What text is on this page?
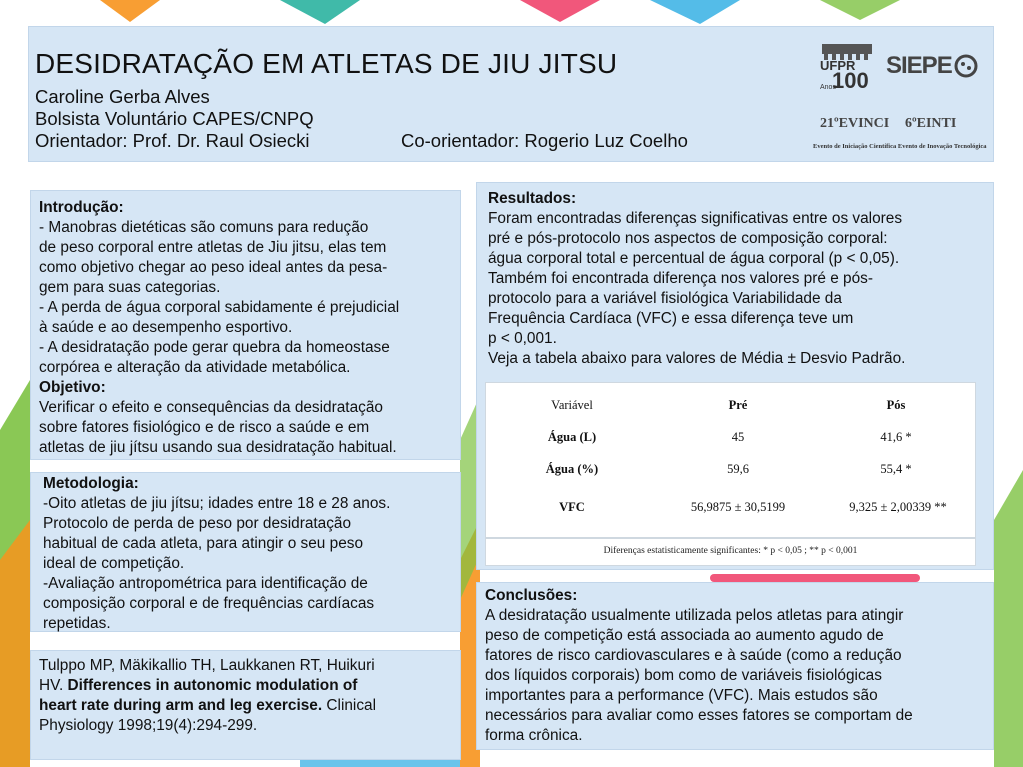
DESIDRATAÇÃO EM ATLETAS DE JIU JITSU
Caroline Gerba Alves
Bolsista Voluntário CAPES/CNPQ
Orientador: Prof. Dr. Raul Osiecki	Co-orientador: Rogerio Luz Coelho
UFPR
100
Anos
SIEPE
21ºEVINCI 6ºEINTI
Evento de Iniciação Científica Evento de Inovação Tecnológica
Introdução:
- Manobras dietéticas são comuns para redução
de peso corporal entre atletas de Jiu jitsu, elas tem
como objetivo chegar ao peso ideal antes da pesa-
gem para suas categorias.
- A perda de água corporal sabidamente é prejudicial
à saúde e ao desempenho esportivo.
- A desidratação pode gerar quebra da homeostase
corpórea e alteração da atividade metabólica.
Objetivo:
Verificar o efeito e consequências da desidratação
sobre fatores fisiológico e de risco a saúde e em
atletas de jiu jítsu usando sua desidratação habitual.
Metodologia:
-Oito atletas de jiu jítsu; idades entre 18 e 28 anos.
Protocolo de perda de peso por desidratação
habitual de cada atleta, para atingir o seu peso
ideal de competição.
-Avaliação antropométrica para identificação de
composição corporal e de frequências cardíacas
repetidas.
Tulppo MP, Mäkikallio TH, Laukkanen RT, Huikuri
HV. Differences in autonomic modulation of
heart rate during arm and leg exercise. Clinical
Physiology 1998;19(4):294-299.
Resultados:
Foram encontradas diferenças significativas entre os valores
pré e pós-protocolo nos aspectos de composição corporal:
água corporal total e percentual de água corporal (p < 0,05).
Também foi encontrada diferença nos valores pré e pós-
protocolo para a variável fisiológica Variabilidade da
Frequência Cardíaca (VFC) e essa diferença teve um
p < 0,001.
Veja a tabela abaixo para valores de Média ± Desvio Padrão.
Variável	Pré	Pós
Água (L)	45	41,6 *
Água (%)	59,6	55,4 *
VFC	56,9875 ± 30,5199	9,325 ± 2,00339 **
Diferenças estatisticamente significantes: * p < 0,05 ; ** p < 0,001
Conclusões:
A desidratação usualmente utilizada pelos atletas para atingir
peso de competição está associada ao aumento agudo de
fatores de risco cardiovasculares e à saúde (como a redução
dos líquidos corporais) bom como de variáveis fisiológicas
importantes para a performance (VFC). Mais estudos são
necessários para avaliar como esses fatores se comportam de
forma crônica.
